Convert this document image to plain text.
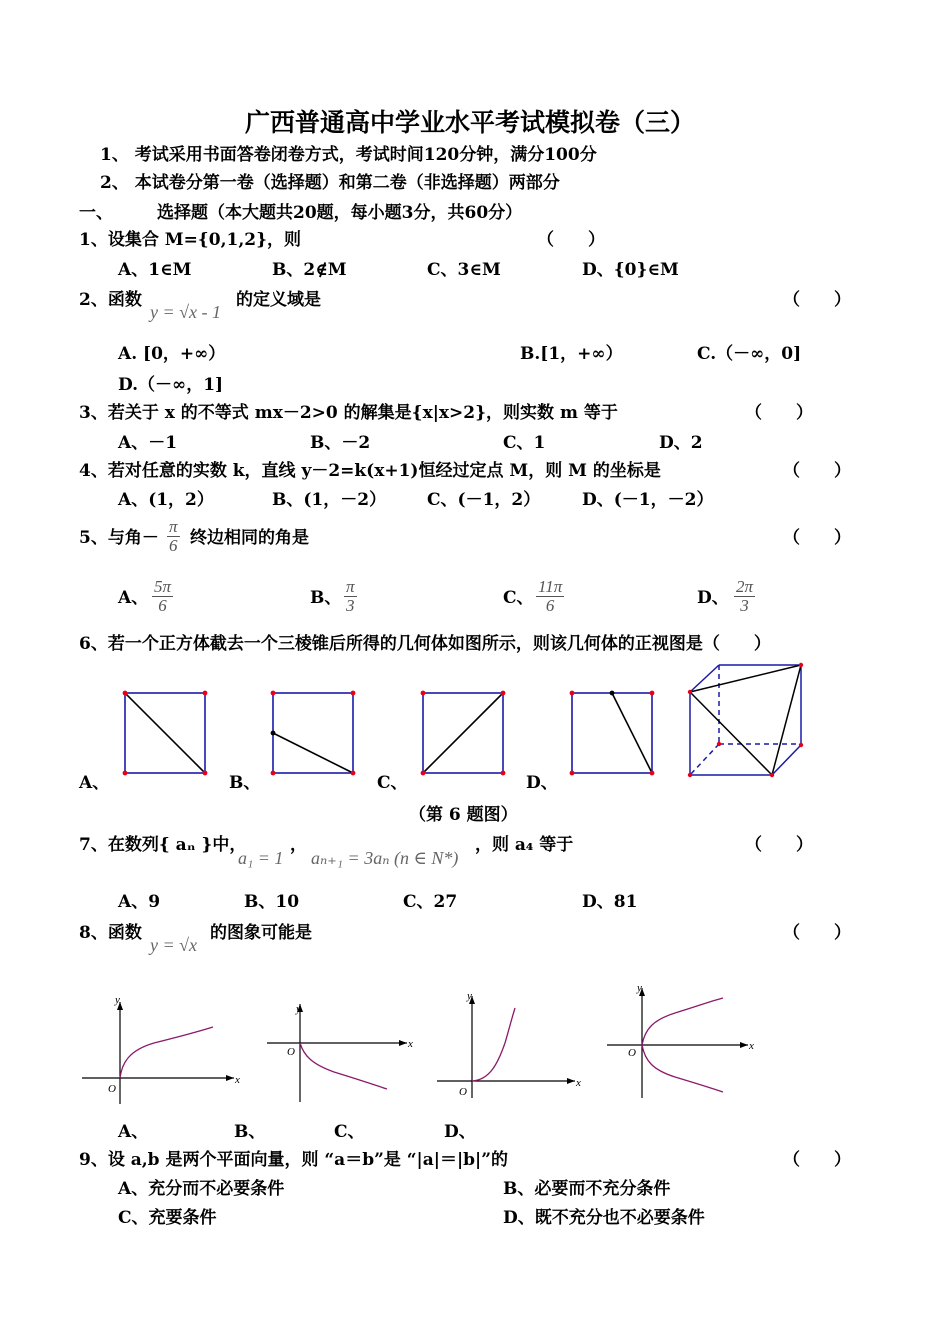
广西普通高中学业水平考试模拟卷（三）
1、 考试采用书面答卷闭卷方式，考试时间120分钟，满分100分
2、 本试卷分第一卷（选择题）和第二卷（非选择题）两部分
一、	选择题（本大题共20题，每小题3分，共60分）
1、设集合 M={0,1,2}，则	（　　）
A、1∈M	B、2∉M	C、3∈M	D、{0}∈M
2、函数
y = √x - 1
的定义域是	（　　）
A. [0，+∞）	B.[1，+∞）	C.（－∞，0]
D.（－∞，1]
3、若关于 x 的不等式 mx－2>0 的解集是{x|x>2}，则实数 m 等于	（　　）
A、－1	B、－2	C、1	D、2
4、若对任意的实数 k，直线 y－2=k(x+1)恒经过定点 M，则 M 的坐标是	（　　）
A、(1，2）	B、(1，－2） C、(－1，2） D、(－1，－2）
5、与角－ $\frac{\pi}{6}$ 终边相同的角是	（　　）
A、 $\frac{5\pi}{6}$	B、 $\frac{\pi}{3}$	C、 $\frac{11\pi}{6}$	D、 $\frac{2\pi}{3}$
6、若一个正方体截去一个三棱锥后所得的几何体如图所示，则该几何体的正视图是（　　）
A、	B、	C、	D、
（第 6 题图）
7、在数列{ aₙ }中，
a₁ = 1
，
aₙ₊₁ = 3aₙ (n ∈ N*)
，则 a₄ 等于	（　　）
A、9	B、10	C、27	D、81
8、函数
y = √x
的图象可能是	（　　）
x
y
O
x
y
O
x
y
O
x
y
O
A、	B、	C、	D、
9、设 a,b 是两个平面向量，则 “a＝b”是 “|a|＝|b|”的	（　　）
A、充分而不必要条件	B、必要而不充分条件
C、充要条件	D、既不充分也不必要条件
